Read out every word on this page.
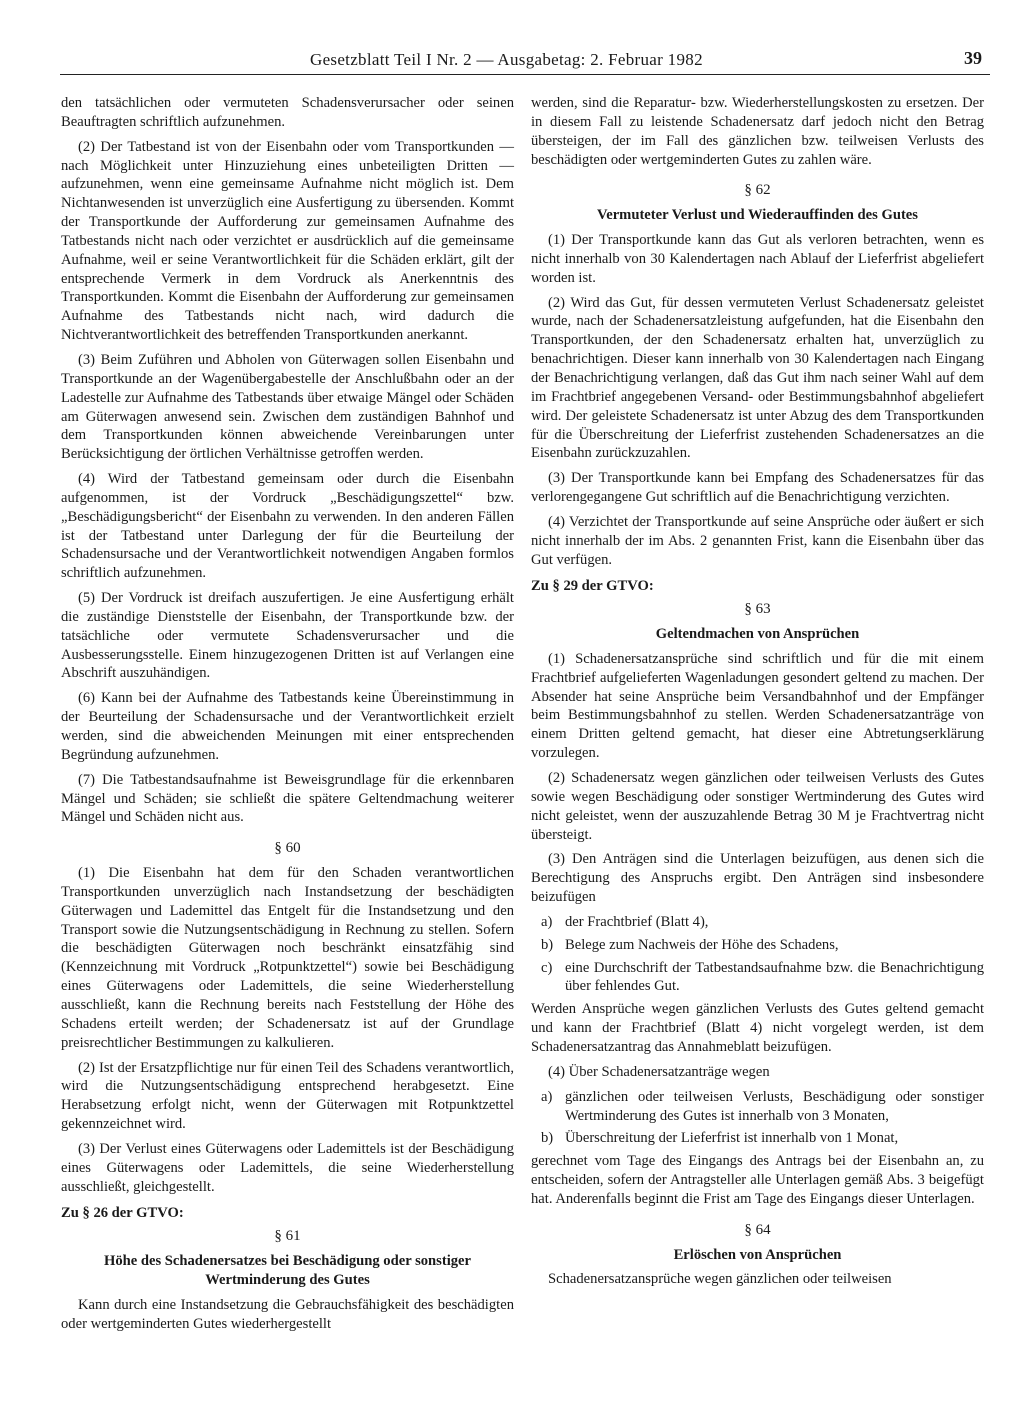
Gesetzblatt Teil I Nr. 2 — Ausgabetag: 2. Februar 1982	39

den tatsächlichen oder vermuteten Schadensverursacher oder seinen Beauftragten schriftlich aufzunehmen.

(2) Der Tatbestand ist von der Eisenbahn oder vom Transportkunden — nach Möglichkeit unter Hinzuziehung eines unbeteiligten Dritten — aufzunehmen, wenn eine gemeinsame Aufnahme nicht möglich ist. Dem Nichtanwesenden ist unverzüglich eine Ausfertigung zu übersenden. Kommt der Transportkunde der Aufforderung zur gemeinsamen Aufnahme des Tatbestands nicht nach oder verzichtet er ausdrücklich auf die gemeinsame Aufnahme, weil er seine Verantwortlichkeit für die Schäden erklärt, gilt der entsprechende Vermerk in dem Vordruck als Anerkenntnis des Transportkunden. Kommt die Eisenbahn der Aufforderung zur gemeinsamen Aufnahme des Tatbestands nicht nach, wird dadurch die Nichtverantwortlichkeit des betreffenden Transportkunden anerkannt.

(3) Beim Zuführen und Abholen von Güterwagen sollen Eisenbahn und Transportkunde an der Wagenübergabestelle der Anschlußbahn oder an der Ladestelle zur Aufnahme des Tatbestands über etwaige Mängel oder Schäden am Güterwagen anwesend sein. Zwischen dem zuständigen Bahnhof und dem Transportkunden können abweichende Vereinbarungen unter Berücksichtigung der örtlichen Verhältnisse getroffen werden.

(4) Wird der Tatbestand gemeinsam oder durch die Eisenbahn aufgenommen, ist der Vordruck „Beschädigungszettel“ bzw. „Beschädigungsbericht“ der Eisenbahn zu verwenden. In den anderen Fällen ist der Tatbestand unter Darlegung der für die Beurteilung der Schadensursache und der Verantwortlichkeit notwendigen Angaben formlos schriftlich aufzunehmen.

(5) Der Vordruck ist dreifach auszufertigen. Je eine Ausfertigung erhält die zuständige Dienststelle der Eisenbahn, der Transportkunde bzw. der tatsächliche oder vermutete Schadensverursacher und die Ausbesserungsstelle. Einem hinzugezogenen Dritten ist auf Verlangen eine Abschrift auszuhändigen.

(6) Kann bei der Aufnahme des Tatbestands keine Übereinstimmung in der Beurteilung der Schadensursache und der Verantwortlichkeit erzielt werden, sind die abweichenden Meinungen mit einer entsprechenden Begründung aufzunehmen.

(7) Die Tatbestandsaufnahme ist Beweisgrundlage für die erkennbaren Mängel und Schäden; sie schließt die spätere Geltendmachung weiterer Mängel und Schäden nicht aus.

§ 60

(1) Die Eisenbahn hat dem für den Schaden verantwortlichen Transportkunden unverzüglich nach Instandsetzung der beschädigten Güterwagen und Lademittel das Entgelt für die Instandsetzung und den Transport sowie die Nutzungsentschädigung in Rechnung zu stellen. Sofern die beschädigten Güterwagen noch beschränkt einsatzfähig sind (Kennzeichnung mit Vordruck „Rotpunktzettel“) sowie bei Beschädigung eines Güterwagens oder Lademittels, die seine Wiederherstellung ausschließt, kann die Rechnung bereits nach Feststellung der Höhe des Schadens erteilt werden; der Schadenersatz ist auf der Grundlage preisrechtlicher Bestimmungen zu kalkulieren.

(2) Ist der Ersatzpflichtige nur für einen Teil des Schadens verantwortlich, wird die Nutzungsentschädigung entsprechend herabgesetzt. Eine Herabsetzung erfolgt nicht, wenn der Güterwagen mit Rotpunktzettel gekennzeichnet wird.

(3) Der Verlust eines Güterwagens oder Lademittels ist der Beschädigung eines Güterwagens oder Lademittels, die seine Wiederherstellung ausschließt, gleichgestellt.

Zu § 26 der GTVO:
§ 61
Höhe des Schadenersatzes bei Beschädigung oder sonstiger Wertminderung des Gutes

Kann durch eine Instandsetzung die Gebrauchsfähigkeit des beschädigten oder wertgeminderten Gutes wiederhergestellt

werden, sind die Reparatur- bzw. Wiederherstellungskosten zu ersetzen. Der in diesem Fall zu leistende Schadenersatz darf jedoch nicht den Betrag übersteigen, der im Fall des gänzlichen bzw. teilweisen Verlusts des beschädigten oder wertgeminderten Gutes zu zahlen wäre.

§ 62
Vermuteter Verlust und Wiederauffinden des Gutes

(1) Der Transportkunde kann das Gut als verloren betrachten, wenn es nicht innerhalb von 30 Kalendertagen nach Ablauf der Lieferfrist abgeliefert worden ist.

(2) Wird das Gut, für dessen vermuteten Verlust Schadenersatz geleistet wurde, nach der Schadenersatzleistung aufgefunden, hat die Eisenbahn den Transportkunden, der den Schadenersatz erhalten hat, unverzüglich zu benachrichtigen. Dieser kann innerhalb von 30 Kalendertagen nach Eingang der Benachrichtigung verlangen, daß das Gut ihm nach seiner Wahl auf dem im Frachtbrief angegebenen Versand- oder Bestimmungsbahnhof abgeliefert wird. Der geleistete Schadenersatz ist unter Abzug des dem Transportkunden für die Überschreitung der Lieferfrist zustehenden Schadenersatzes an die Eisenbahn zurückzuzahlen.

(3) Der Transportkunde kann bei Empfang des Schadenersatzes für das verlorengegangene Gut schriftlich auf die Benachrichtigung verzichten.

(4) Verzichtet der Transportkunde auf seine Ansprüche oder äußert er sich nicht innerhalb der im Abs. 2 genannten Frist, kann die Eisenbahn über das Gut verfügen.

Zu § 29 der GTVO:
§ 63
Geltendmachen von Ansprüchen

(1) Schadenersatzansprüche sind schriftlich und für die mit einem Frachtbrief aufgelieferten Wagenladungen gesondert geltend zu machen. Der Absender hat seine Ansprüche beim Versandbahnhof und der Empfänger beim Bestimmungsbahnhof zu stellen. Werden Schadenersatzanträge von einem Dritten geltend gemacht, hat dieser eine Abtretungserklärung vorzulegen.

(2) Schadenersatz wegen gänzlichen oder teilweisen Verlusts des Gutes sowie wegen Beschädigung oder sonstiger Wertminderung des Gutes wird nicht geleistet, wenn der auszuzahlende Betrag 30 M je Frachtvertrag nicht übersteigt.

(3) Den Anträgen sind die Unterlagen beizufügen, aus denen sich die Berechtigung des Anspruchs ergibt. Den Anträgen sind insbesondere beizufügen

a) der Frachtbrief (Blatt 4),
b) Belege zum Nachweis der Höhe des Schadens,
c) eine Durchschrift der Tatbestandsaufnahme bzw. die Benachrichtigung über fehlendes Gut.

Werden Ansprüche wegen gänzlichen Verlusts des Gutes geltend gemacht und kann der Frachtbrief (Blatt 4) nicht vorgelegt werden, ist dem Schadenersatzantrag das Annahmeblatt beizufügen.

(4) Über Schadenersatzanträge wegen

a) gänzlichen oder teilweisen Verlusts, Beschädigung oder sonstiger Wertminderung des Gutes ist innerhalb von 3 Monaten,
b) Überschreitung der Lieferfrist ist innerhalb von 1 Monat,

gerechnet vom Tage des Eingangs des Antrags bei der Eisenbahn an, zu entscheiden, sofern der Antragsteller alle Unterlagen gemäß Abs. 3 beigefügt hat. Anderenfalls beginnt die Frist am Tage des Eingangs dieser Unterlagen.

§ 64
Erlöschen von Ansprüchen

Schadenersatzansprüche wegen gänzlichen oder teilweisen
